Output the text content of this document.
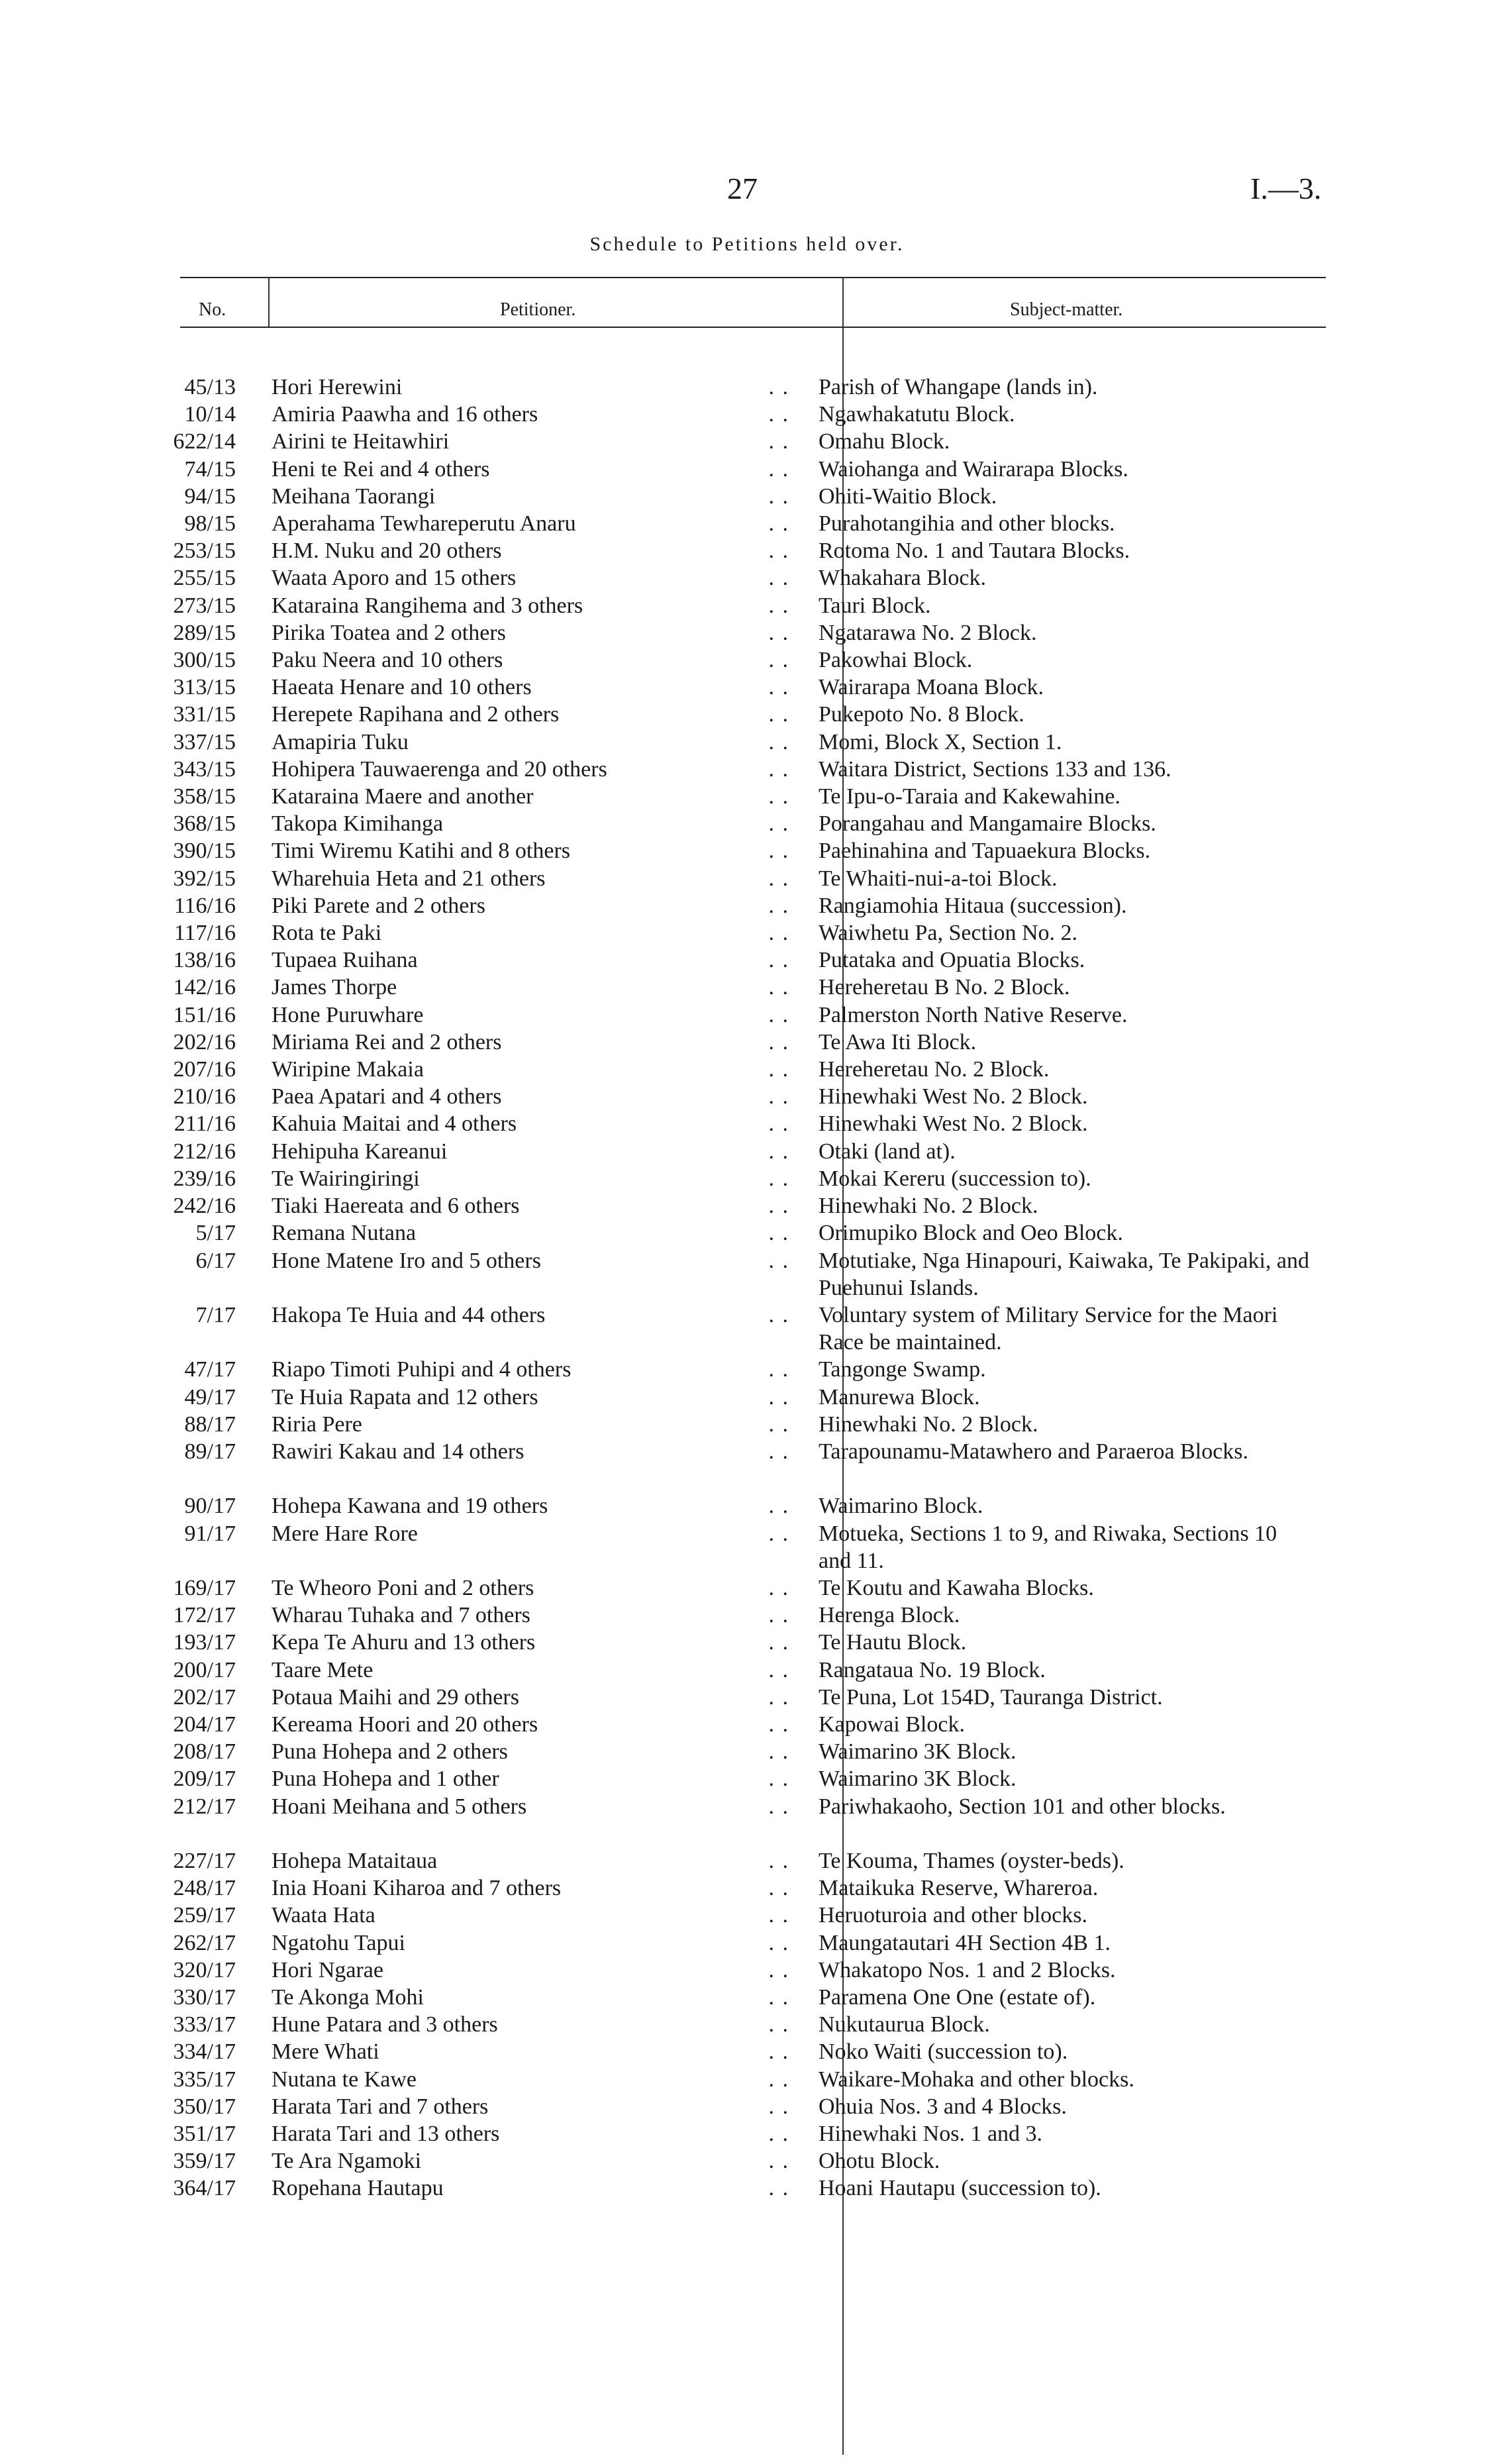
27	I.—3.
Schedule to Petitions held over.
No.	Petitioner.	Subject-matter.
45/13	Hori Herewini	. .	Parish of Whangape (lands in).
10/14	Amiria Paawha and 16 others	. .	Ngawhakatutu Block.
622/14	Airini te Heitawhiri	. .	Omahu Block.
74/15	Heni te Rei and 4 others	. .	Waiohanga and Wairarapa Blocks.
94/15	Meihana Taorangi	. .	Ohiti-Waitio Block.
98/15	Aperahama Tewhareperutu Anaru	. .	Purahotangihia and other blocks.
253/15	H.M. Nuku and 20 others	. .	Rotoma No. 1 and Tautara Blocks.
255/15	Waata Aporo and 15 others	. .	Whakahara Block.
273/15	Kataraina Rangihema and 3 others	. .	Tauri Block.
289/15	Pirika Toatea and 2 others	. .	Ngatarawa No. 2 Block.
300/15	Paku Neera and 10 others	. .	Pakowhai Block.
313/15	Haeata Henare and 10 others	. .	Wairarapa Moana Block.
331/15	Herepete Rapihana and 2 others	. .	Pukepoto No. 8 Block.
337/15	Amapiria Tuku	. .	Momi, Block X, Section 1.
343/15	Hohipera Tauwaerenga and 20 others	. .	Waitara District, Sections 133 and 136.
358/15	Kataraina Maere and another	. .	Te Ipu-o-Taraia and Kakewahine.
368/15	Takopa Kimihanga	. .	Porangahau and Mangamaire Blocks.
390/15	Timi Wiremu Katihi and 8 others	. .	Paehinahina and Tapuaekura Blocks.
392/15	Wharehuia Heta and 21 others	. .	Te Whaiti-nui-a-toi Block.
116/16	Piki Parete and 2 others	. .	Rangiamohia Hitaua (succession).
117/16	Rota te Paki	. .	Waiwhetu Pa, Section No. 2.
138/16	Tupaea Ruihana	. .	Putataka and Opuatia Blocks.
142/16	James Thorpe	. .	Hereheretau B No. 2 Block.
151/16	Hone Puruwhare	. .	Palmerston North Native Reserve.
202/16	Miriama Rei and 2 others	. .	Te Awa Iti Block.
207/16	Wiripine Makaia	. .	Hereheretau No. 2 Block.
210/16	Paea Apatari and 4 others	. .	Hinewhaki West No. 2 Block.
211/16	Kahuia Maitai and 4 others	. .	Hinewhaki West No. 2 Block.
212/16	Hehipuha Kareanui	. .	Otaki (land at).
239/16	Te Wairingiringi	. .	Mokai Kereru (succession to).
242/16	Tiaki Haereata and 6 others	. .	Hinewhaki No. 2 Block.
5/17	Remana Nutana	. .	Orimupiko Block and Oeo Block.
6/17	Hone Matene Iro and 5 others	. .	Motutiake, Nga Hinapouri, Kaiwaka, Te Pakipaki, and Puehunui Islands.
7/17	Hakopa Te Huia and 44 others	. .	Voluntary system of Military Service for the Maori Race be maintained.
47/17	Riapo Timoti Puhipi and 4 others	. .	Tangonge Swamp.
49/17	Te Huia Rapata and 12 others	. .	Manurewa Block.
88/17	Riria Pere	. .	Hinewhaki No. 2 Block.
89/17	Rawiri Kakau and 14 others	. .	Tarapounamu-Matawhero and Paraeroa Blocks.
90/17	Hohepa Kawana and 19 others	. .	Waimarino Block.
91/17	Mere Hare Rore	. .	Motueka, Sections 1 to 9, and Riwaka, Sections 10 and 11.
169/17	Te Wheoro Poni and 2 others	. .	Te Koutu and Kawaha Blocks.
172/17	Wharau Tuhaka and 7 others	. .	Herenga Block.
193/17	Kepa Te Ahuru and 13 others	. .	Te Hautu Block.
200/17	Taare Mete	. .	Rangataua No. 19 Block.
202/17	Potaua Maihi and 29 others	. .	Te Puna, Lot 154D, Tauranga District.
204/17	Kereama Hoori and 20 others	. .	Kapowai Block.
208/17	Puna Hohepa and 2 others	. .	Waimarino 3K Block.
209/17	Puna Hohepa and 1 other	. .	Waimarino 3K Block.
212/17	Hoani Meihana and 5 others	. .	Pariwhakaoho, Section 101 and other blocks.
227/17	Hohepa Mataitaua	. .	Te Kouma, Thames (oyster-beds).
248/17	Inia Hoani Kiharoa and 7 others	. .	Mataikuka Reserve, Whareroa.
259/17	Waata Hata	. .	Heruoturoia and other blocks.
262/17	Ngatohu Tapui	. .	Maungatautari 4H Section 4B 1.
320/17	Hori Ngarae	. .	Whakatopo Nos. 1 and 2 Blocks.
330/17	Te Akonga Mohi	. .	Paramena One One (estate of).
333/17	Hune Patara and 3 others	. .	Nukutaurua Block.
334/17	Mere Whati	. .	Noko Waiti (succession to).
335/17	Nutana te Kawe	. .	Waikare-Mohaka and other blocks.
350/17	Harata Tari and 7 others	. .	Ohuia Nos. 3 and 4 Blocks.
351/17	Harata Tari and 13 others	. .	Hinewhaki Nos. 1 and 3.
359/17	Te Ara Ngamoki	. .	Ohotu Block.
364/17	Ropehana Hautapu	. .	Hoani Hautapu (succession to).
